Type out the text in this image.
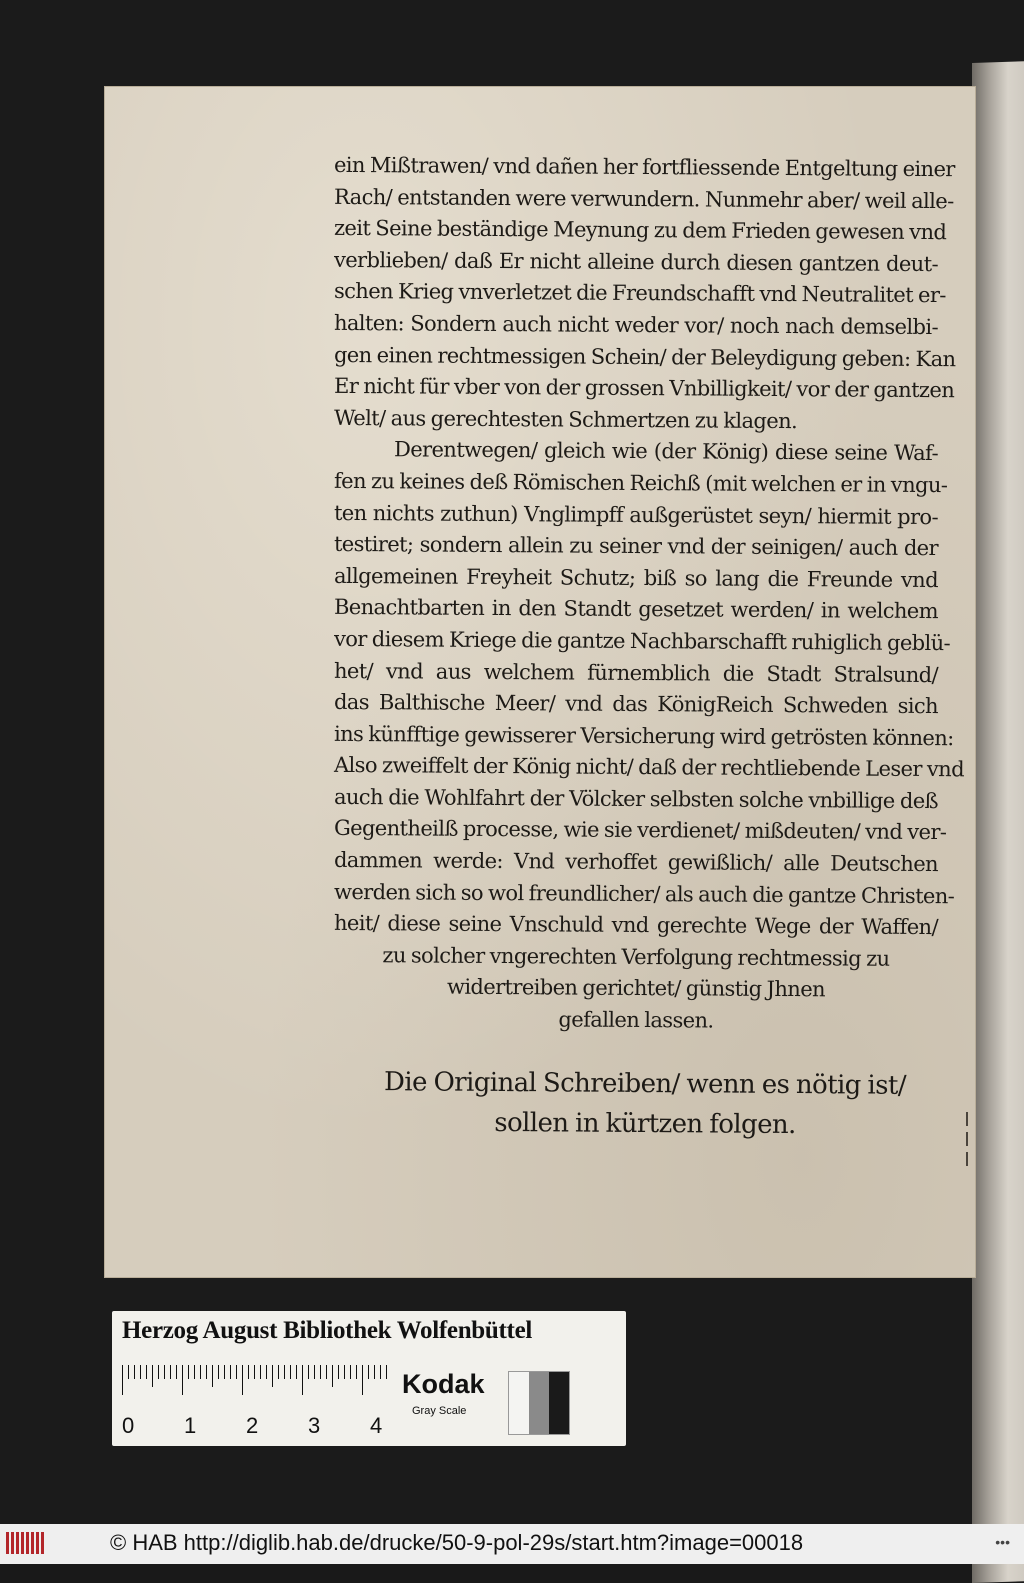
ein Mißtrawen/ vnd dañen her fortfliessende Entgeltung einer
Rach/ entstanden were verwundern. Nunmehr aber/ weil alle-
zeit Seine beständige Meynung zu dem Frieden gewesen vnd
verblieben/ daß Er nicht alleine durch diesen gantzen deut-
schen Krieg vnverletzet die Freundschafft vnd Neutralitet er-
halten: Sondern auch nicht weder vor/ noch nach demselbi-
gen einen rechtmessigen Schein/ der Beleydigung geben: Kan
Er nicht für vber von der grossen Vnbilligkeit/ vor der gantzen
Welt/ aus gerechtesten Schmertzen zu klagen.
Derentwegen/ gleich wie (der König) diese seine Waf-
fen zu keines deß Römischen Reichß (mit welchen er in vngu-
ten nichts zuthun) Vnglimpff außgerüstet seyn/ hiermit pro-
testiret; sondern allein zu seiner vnd der seinigen/ auch der
allgemeinen Freyheit Schutz; biß so lang die Freunde vnd
Benachtbarten in den Standt gesetzet werden/ in welchem
vor diesem Kriege die gantze Nachbarschafft ruhiglich geblü-
het/ vnd aus welchem fürnemblich die Stadt Stralsund/
das Balthische Meer/ vnd das KönigReich Schweden sich
ins künfftige gewisserer Versicherung wird getrösten können:
Also zweiffelt der König nicht/ daß der rechtliebende Leser vnd
auch die Wohlfahrt der Völcker selbsten solche vnbillige deß
Gegentheilß processe, wie sie verdienet/ mißdeuten/ vnd ver-
dammen werde: Vnd verhoffet gewißlich/ alle Deutschen
werden sich so wol freundlicher/ als auch die gantze Christen-
heit/ diese seine Vnschuld vnd gerechte Wege der Waffen/
zu solcher vngerechten Verfolgung rechtmessig zu
widertreiben gerichtet/ günstig Jhnen
gefallen lassen.
Die Original Schreiben/ wenn es nötig ist/
sollen in kürtzen folgen.
Herzog August Bibliothek Wolfenbüttel
0 1 2 3 4
Kodak
Gray Scale
© HAB http://diglib.hab.de/drucke/50-9-pol-29s/start.htm?image=00018	•••
